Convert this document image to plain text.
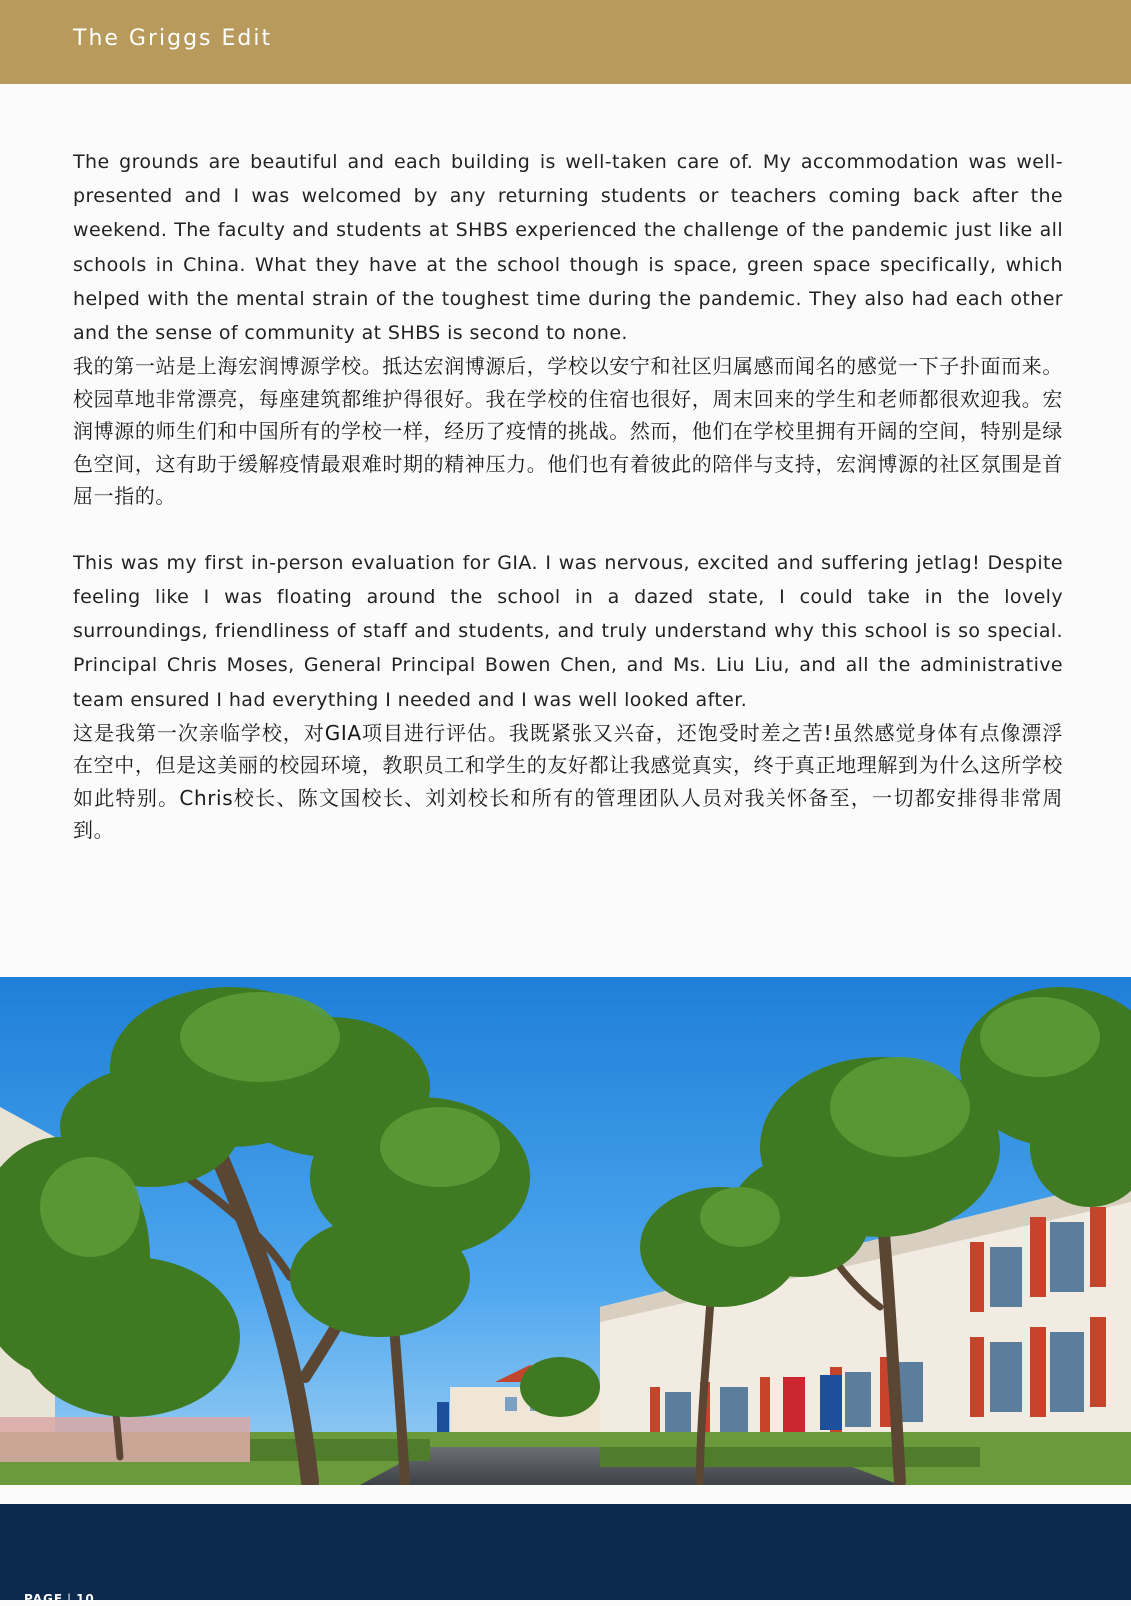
The Griggs Edit

The grounds are beautiful and each building is well-taken care of. My accommodation was well-presented and I was welcomed by any returning students or teachers coming back after the weekend. The faculty and students at SHBS experienced the challenge of the pandemic just like all schools in China. What they have at the school though is space, green space specifically, which helped with the mental strain of the toughest time during the pandemic. They also had each other and the sense of community at SHBS is second to none.

我的第一站是上海宏润博源学校。抵达宏润博源后，学校以安宁和社区归属感而闻名的感觉一下子扑面而来。校园草地非常漂亮，每座建筑都维护得很好。我在学校的住宿也很好，周末回来的学生和老师都很欢迎我。宏润博源的师生们和中国所有的学校一样，经历了疫情的挑战。然而，他们在学校里拥有开阔的空间，特别是绿色空间，这有助于缓解疫情最艰难时期的精神压力。他们也有着彼此的陪伴与支持，宏润博源的社区氛围是首屈一指的。

This was my first in-person evaluation for GIA. I was nervous, excited and suffering jetlag! Despite feeling like I was floating around the school in a dazed state, I could take in the lovely surroundings, friendliness of staff and students, and truly understand why this school is so special. Principal Chris Moses, General Principal Bowen Chen, and Ms. Liu Liu, and all the administrative team ensured I had everything I needed and I was well looked after.

这是我第一次亲临学校，对GIA项目进行评估。我既紧张又兴奋，还饱受时差之苦!虽然感觉身体有点像漂浮在空中，但是这美丽的校园环境，教职员工和学生的友好都让我感觉真实，终于真正地理解到为什么这所学校如此特别。Chris校长、陈文国校长、刘刘校长和所有的管理团队人员对我关怀备至，一切都安排得非常周到。

PAGE | 10
